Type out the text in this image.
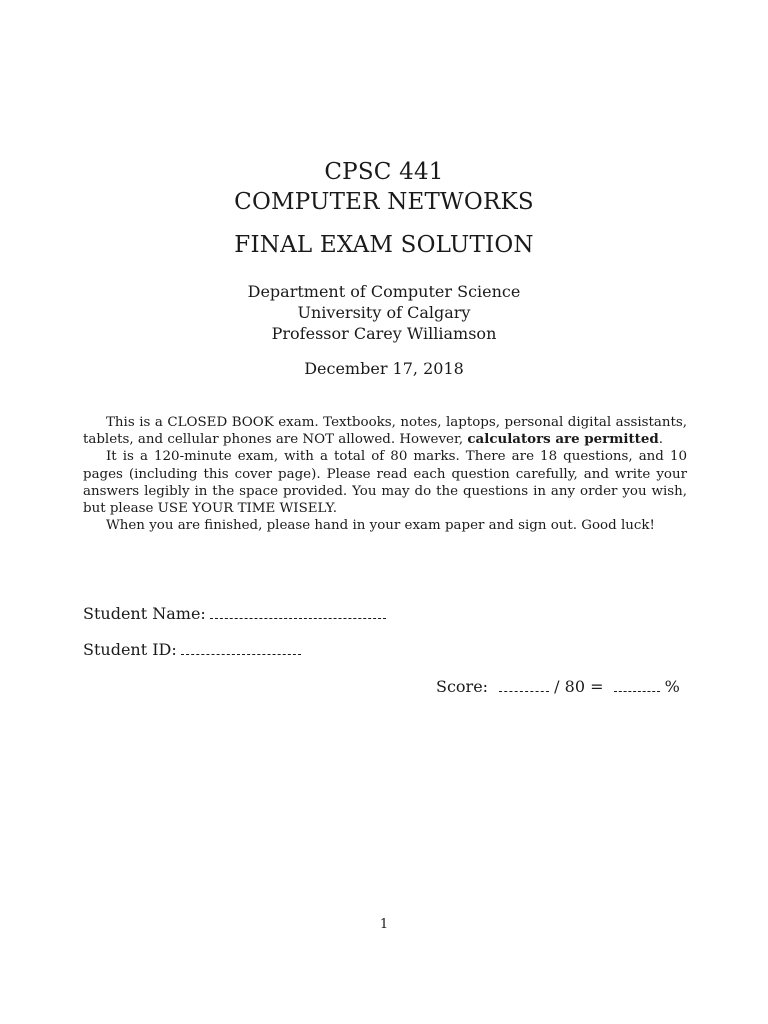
CPSC 441
COMPUTER NETWORKS
FINAL EXAM SOLUTION
Department of Computer Science
University of Calgary
Professor Carey Williamson
December 17, 2018

This is a CLOSED BOOK exam. Textbooks, notes, laptops, personal digital assistants, tablets, and cellular phones are NOT allowed. However, calculators are permitted.

It is a 120-minute exam, with a total of 80 marks. There are 18 questions, and 10 pages (including this cover page). Please read each question carefully, and write your answers legibly in the space provided. You may do the questions in any order you wish, but please USE YOUR TIME WISELY.

When you are finished, please hand in your exam paper and sign out. Good luck!

Student Name:
Student ID:
Score:	/ 80 =	%
1
